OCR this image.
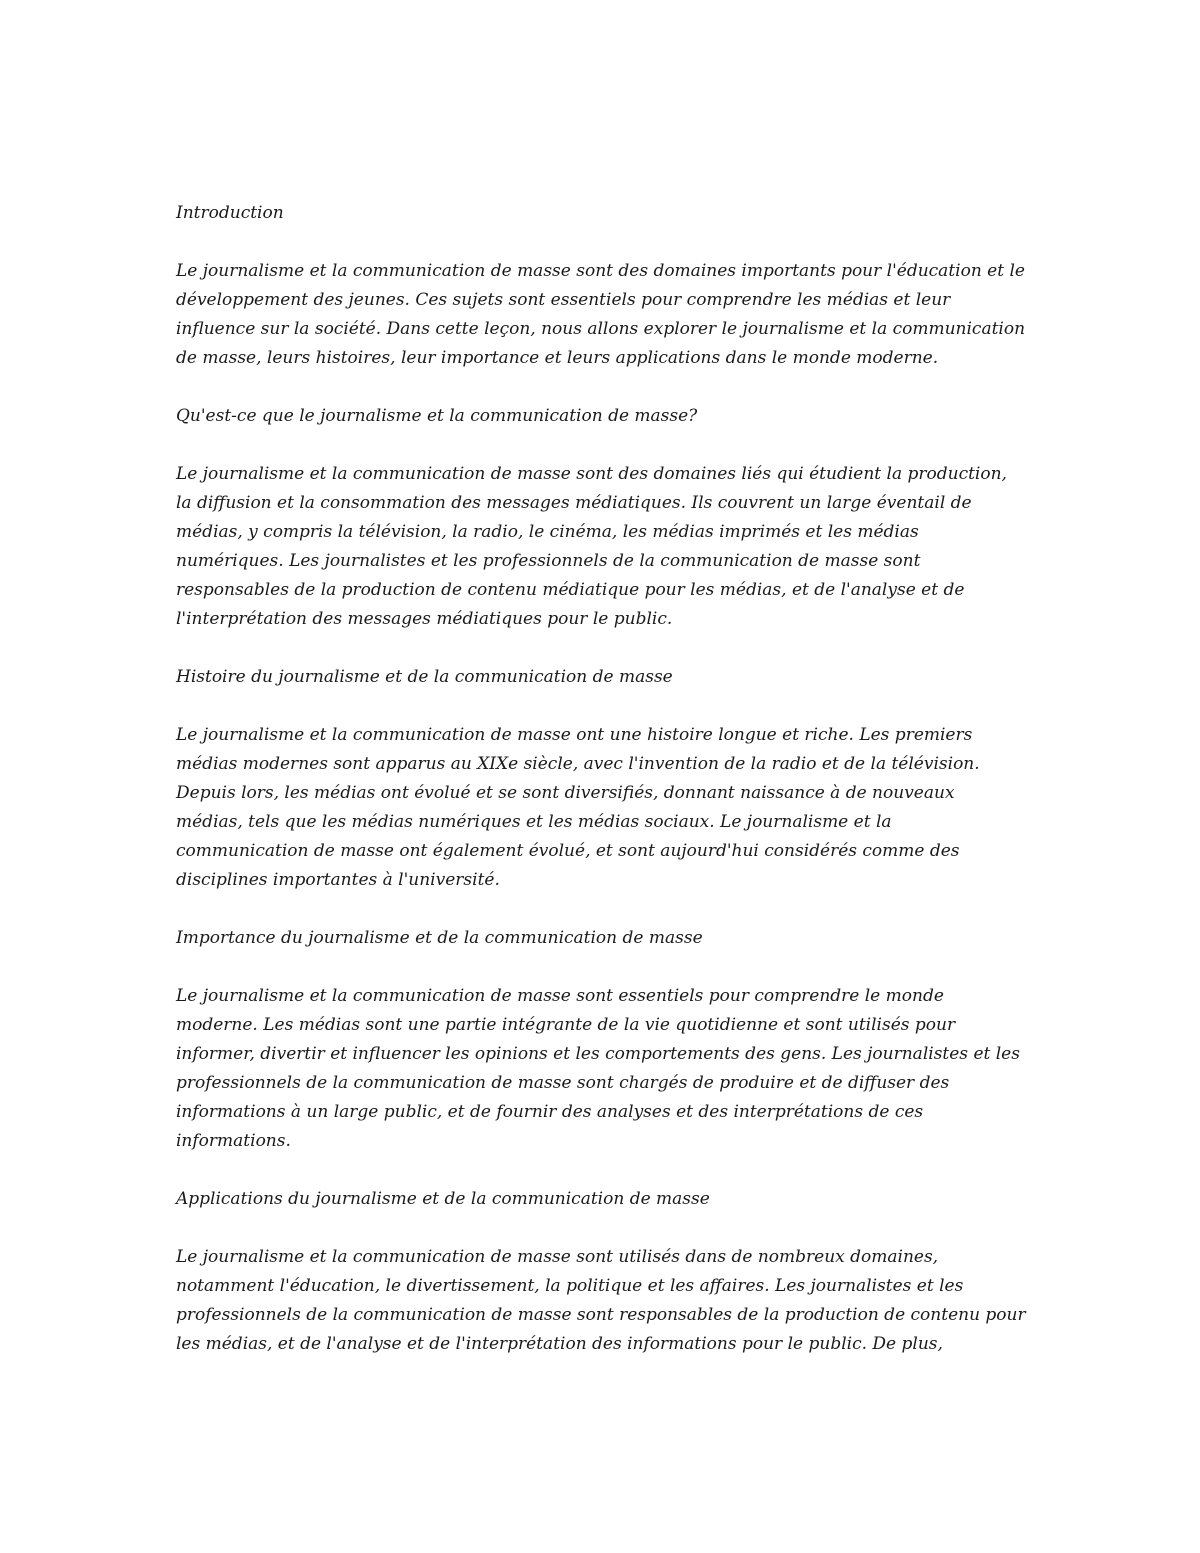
Introduction
Le journalisme et la communication de masse sont des domaines importants pour l'éducation et le développement des jeunes. Ces sujets sont essentiels pour comprendre les médias et leur influence sur la société. Dans cette leçon, nous allons explorer le journalisme et la communication de masse, leurs histoires, leur importance et leurs applications dans le monde moderne.
Qu'est-ce que le journalisme et la communication de masse?
Le journalisme et la communication de masse sont des domaines liés qui étudient la production, la diffusion et la consommation des messages médiatiques. Ils couvrent un large éventail de médias, y compris la télévision, la radio, le cinéma, les médias imprimés et les médias numériques. Les journalistes et les professionnels de la communication de masse sont responsables de la production de contenu médiatique pour les médias, et de l'analyse et de l'interprétation des messages médiatiques pour le public.
Histoire du journalisme et de la communication de masse
Le journalisme et la communication de masse ont une histoire longue et riche. Les premiers médias modernes sont apparus au XIXe siècle, avec l'invention de la radio et de la télévision. Depuis lors, les médias ont évolué et se sont diversifiés, donnant naissance à de nouveaux médias, tels que les médias numériques et les médias sociaux. Le journalisme et la communication de masse ont également évolué, et sont aujourd'hui considérés comme des disciplines importantes à l'université.
Importance du journalisme et de la communication de masse
Le journalisme et la communication de masse sont essentiels pour comprendre le monde moderne. Les médias sont une partie intégrante de la vie quotidienne et sont utilisés pour informer, divertir et influencer les opinions et les comportements des gens. Les journalistes et les professionnels de la communication de masse sont chargés de produire et de diffuser des informations à un large public, et de fournir des analyses et des interprétations de ces informations.
Applications du journalisme et de la communication de masse
Le journalisme et la communication de masse sont utilisés dans de nombreux domaines, notamment l'éducation, le divertissement, la politique et les affaires. Les journalistes et les professionnels de la communication de masse sont responsables de la production de contenu pour les médias, et de l'analyse et de l'interprétation des informations pour le public. De plus,
